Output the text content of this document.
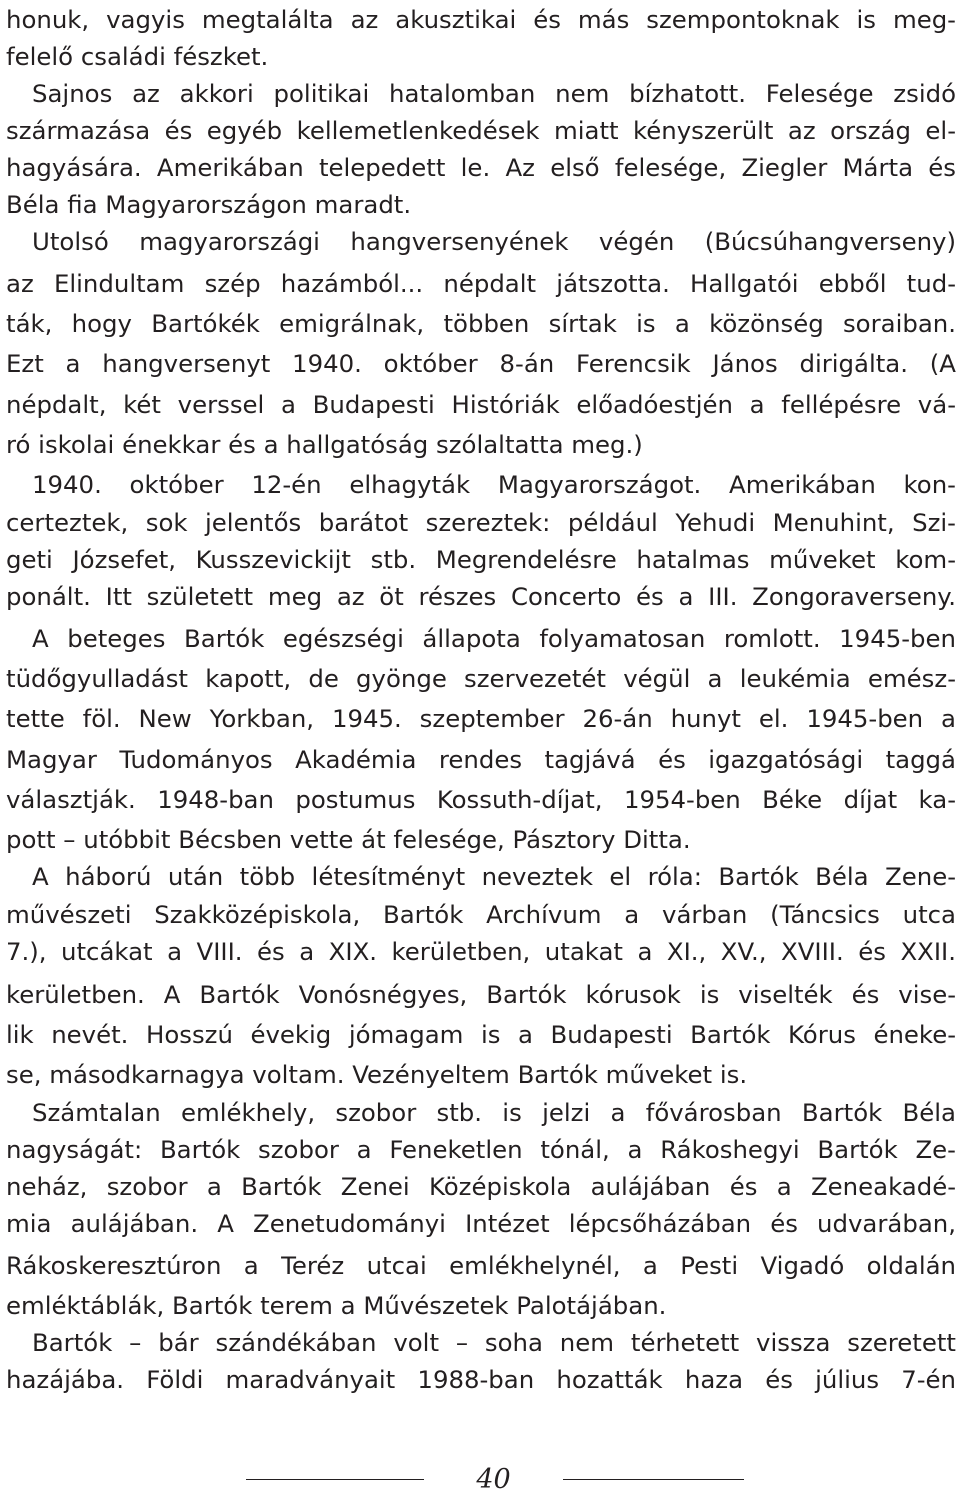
honuk, vagyis megtalálta az akusztikai és más szempontoknak is meg-
felelő családi fészket.
Sajnos az akkori politikai hatalomban nem bízhatott. Felesége zsidó
származása és egyéb kellemetlenkedések miatt kényszerült az ország el-
hagyására. Amerikában telepedett le. Az első felesége, Ziegler Márta és
Béla fia Magyarországon maradt.
Utolsó magyarországi hangversenyének végén (Búcsúhangverseny)
az Elindultam szép hazámból... népdalt játszotta. Hallgatói ebből tud-
ták, hogy Bartókék emigrálnak, többen sírtak is a közönség soraiban.
Ezt a hangversenyt 1940. október 8-án Ferencsik János dirigálta. (A
népdalt, két verssel a Budapesti Históriák előadóestjén a fellépésre vá-
ró iskolai énekkar és a hallgatóság szólaltatta meg.)
1940. október 12-én elhagyták Magyarországot. Amerikában kon-
certeztek, sok jelentős barátot szereztek: például Yehudi Menuhint, Szi-
geti Józsefet, Kusszevickijt stb. Megrendelésre hatalmas műveket kom-
ponált. Itt született meg az öt részes Concerto és a III. Zongoraverseny.
A beteges Bartók egészségi állapota folyamatosan romlott. 1945-ben
tüdőgyulladást kapott, de gyönge szervezetét végül a leukémia emész-
tette föl. New Yorkban, 1945. szeptember 26-án hunyt el. 1945-ben a
Magyar Tudományos Akadémia rendes tagjává és igazgatósági taggá
választják. 1948-ban postumus Kossuth-díjat, 1954-ben Béke díjat ka-
pott – utóbbit Bécsben vette át felesége, Pásztory Ditta.
A háború után több létesítményt neveztek el róla: Bartók Béla Zene-
művészeti Szakközépiskola, Bartók Archívum a várban (Táncsics utca
7.), utcákat a VIII. és a XIX. kerületben, utakat a XI., XV., XVIII. és XXII.
kerületben. A Bartók Vonósnégyes, Bartók kórusok is viselték és vise-
lik nevét. Hosszú évekig jómagam is a Budapesti Bartók Kórus éneke-
se, másodkarnagya voltam. Vezényeltem Bartók műveket is.
Számtalan emlékhely, szobor stb. is jelzi a fővárosban Bartók Béla
nagyságát: Bartók szobor a Feneketlen tónál, a Rákoshegyi Bartók Ze-
neház, szobor a Bartók Zenei Középiskola aulájában és a Zeneakadé-
mia aulájában. A Zenetudományi Intézet lépcsőházában és udvarában,
Rákoskeresztúron a Teréz utcai emlékhelynél, a Pesti Vigadó oldalán
emléktáblák, Bartók terem a Művészetek Palotájában.
Bartók – bár szándékában volt – soha nem térhetett vissza szeretett
hazájába. Földi maradványait 1988-ban hozatták haza és július 7-én
40
